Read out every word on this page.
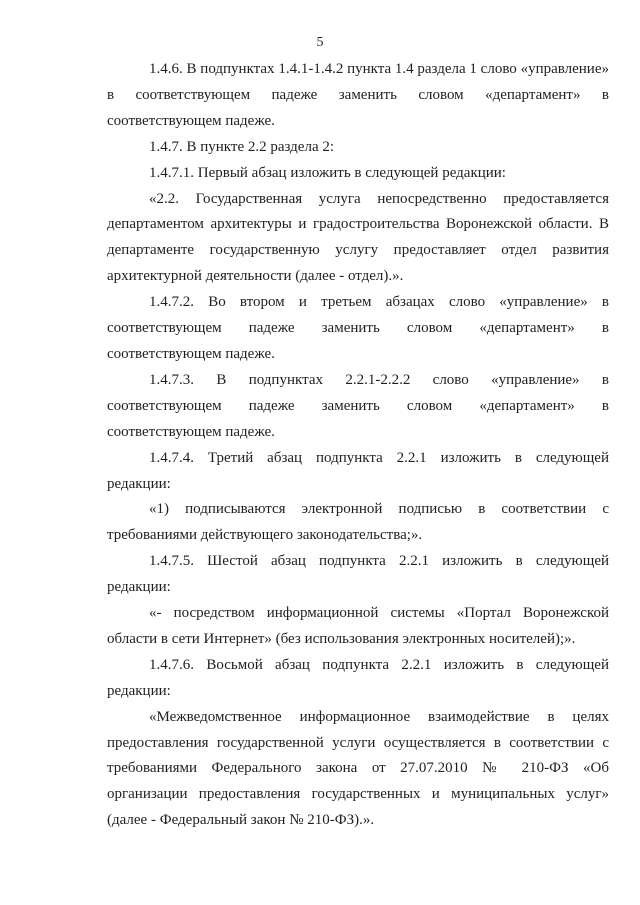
5
1.4.6. В подпунктах 1.4.1-1.4.2 пункта 1.4 раздела 1 слово «управление»
в соответствующем падеже заменить словом «департамент» в
соответствующем падеже.
1.4.7. В пункте 2.2 раздела 2:
1.4.7.1. Первый абзац изложить в следующей редакции:
«2.2. Государственная услуга непосредственно предоставляется
департаментом архитектуры и градостроительства Воронежской области. В
департаменте государственную услугу предоставляет отдел развития
архитектурной деятельности (далее - отдел).».
1.4.7.2. Во втором и третьем абзацах слово «управление» в
соответствующем падеже заменить словом «департамент» в
соответствующем падеже.
1.4.7.3. В подпунктах 2.2.1-2.2.2 слово «управление» в
соответствующем падеже заменить словом «департамент» в
соответствующем падеже.
1.4.7.4. Третий абзац подпункта 2.2.1 изложить в следующей
редакции:
«1) подписываются электронной подписью в соответствии с
требованиями действующего законодательства;».
1.4.7.5. Шестой абзац подпункта 2.2.1 изложить в следующей
редакции:
«- посредством информационной системы «Портал Воронежской
области в сети Интернет» (без использования электронных носителей);».
1.4.7.6. Восьмой абзац подпункта 2.2.1 изложить в следующей
редакции:
«Межведомственное информационное взаимодействие в целях
предоставления государственной услуги осуществляется в соответствии с
требованиями Федерального закона от 27.07.2010 № 210-ФЗ «Об
организации предоставления государственных и муниципальных услуг»
(далее - Федеральный закон № 210-ФЗ).».
